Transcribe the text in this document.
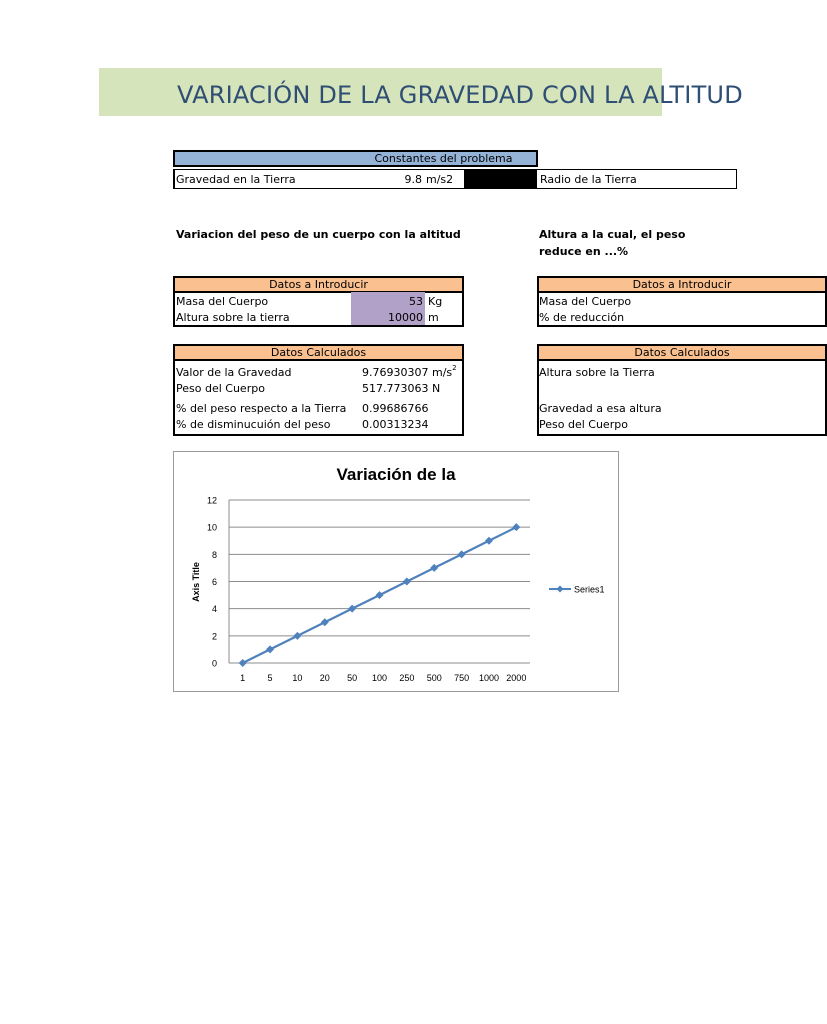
VARIACIÓN DE LA GRAVEDAD CON LA ALTITUD
Constantes del problema
Gravedad en la Tierra	9.8 m/s2
Variacion del peso de un cuerpo con la altitud
Datos a Introducir
Masa del Cuerpo	53 Kg
Altura sobre la tierra	10000 m
Datos Calculados
Valor de la Gravedad	9.76930307 $m/s^2$
Peso del Cuerpo	517.773063 N
% del peso respecto a la Tierra 0.99686766
% de disminucuión del peso	0.00313234
Radio de la Tierra
Altura a la cual, el peso
reduce en ...%
Datos a Introducir
Masa del Cuerpo
% de reducción
Datos Calculados
Altura sobre la Tierra
Gravedad a esa altura
Peso del Cuerpo
Variación de la
Axis Title
0
2
4
6
8
10
12
1 5 10 20 50 100 250 500 750 1000 2000
Series1
